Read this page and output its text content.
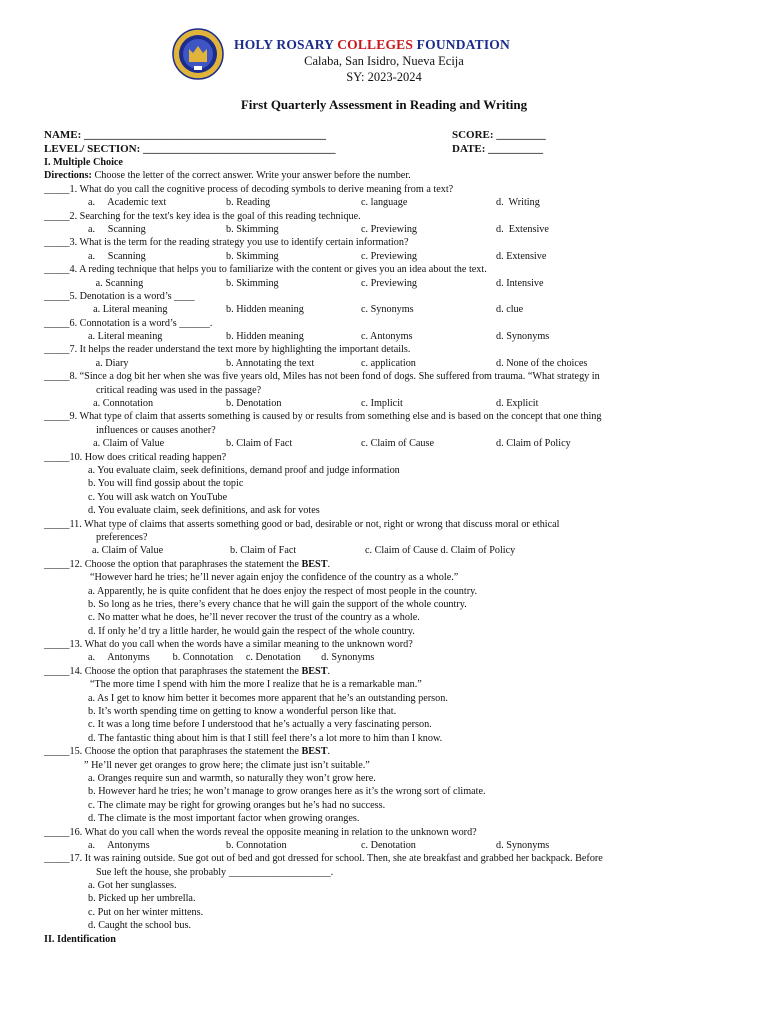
HOLY ROSARY COLLEGES FOUNDATION
Calaba, San Isidro, Nueva Ecija
SY: 2023-2024
First Quarterly Assessment in Reading and Writing
NAME: ____________________________________________	SCORE: _________
LEVEL/ SECTION: ___________________________________	DATE: __________
I. Multiple Choice
Directions: Choose the letter of the correct answer. Write your answer before the number.
_____1. What do you call the cognitive process of decoding symbols to derive meaning from a text?
a.     Academic text	b. Reading	c. language	d.  Writing
_____2. Searching for the text's key idea is the goal of this reading technique.
a.     Scanning	b. Skimming	c. Previewing	d.  Extensive
_____3. What is the term for the reading strategy you use to identify certain information?
a.     Scanning	b. Skimming	c. Previewing	d. Extensive
_____4. A reding technique that helps you to familiarize with the content or gives you an idea about the text.
a. Scanning	b. Skimming	c. Previewing	d. Intensive
_____5. Denotation is a word’s ____
a. Literal meaning	b. Hidden meaning	c. Synonyms	d. clue
_____6. Connotation is a word’s ______.
a. Literal meaning	b. Hidden meaning	c. Antonyms	d. Synonyms
_____7. It helps the reader understand the text more by highlighting the important details.
a. Diary	b. Annotating the text	c. application	d. None of the choices
_____8. “Since a dog bit her when she was five years old, Miles has not been fond of dogs. She suffered from trauma. “What strategy in
critical reading was used in the passage?
a. Connotation	b. Denotation	c. Implicit	d. Explicit
_____9. What type of claim that asserts something is caused by or results from something else and is based on the concept that one thing
influences or causes another?
a. Claim of Value	b. Claim of Fact	c. Claim of Cause	d. Claim of Policy
_____10. How does critical reading happen?
a. You evaluate claim, seek definitions, demand proof and judge information
b. You will find gossip about the topic
c. You will ask watch on YouTube
d. You evaluate claim, seek definitions, and ask for votes
_____11. What type of claims that asserts something good or bad, desirable or not, right or wrong that discuss moral or ethical
preferences?
a. Claim of Value	b. Claim of Fact	c. Claim of Cause d. Claim of Policy
_____12. Choose the option that paraphrases the statement the BEST.
“However hard he tries; he’ll never again enjoy the confidence of the country as a whole.”
a. Apparently, he is quite confident that he does enjoy the respect of most people in the country.
b. So long as he tries, there’s every chance that he will gain the support of the whole country.
c. No matter what he does, he’ll never recover the trust of the country as a whole.
d. If only he’d try a little harder, he would gain the respect of the whole country.
_____13. What do you call when the words have a similar meaning to the unknown word?
a.     Antonyms         b. Connotation     c. Denotation        d. Synonyms
_____14. Choose the option that paraphrases the statement the BEST.
“The more time I spend with him the more I realize that he is a remarkable man.”
a. As I get to know him better it becomes more apparent that he’s an outstanding person.
b. It’s worth spending time on getting to know a wonderful person like that.
c. It was a long time before I understood that he’s actually a very fascinating person.
d. The fantastic thing about him is that I still feel there’s a lot more to him than I know.
_____15. Choose the option that paraphrases the statement the BEST.
” He’ll never get oranges to grow here; the climate just isn’t suitable.”
a. Oranges require sun and warmth, so naturally they won’t grow here.
b. However hard he tries; he won’t manage to grow oranges here as it’s the wrong sort of climate.
c. The climate may be right for growing oranges but he’s had no success.
d. The climate is the most important factor when growing oranges.
_____16. What do you call when the words reveal the opposite meaning in relation to the unknown word?
a.     Antonyms	b. Connotation	c. Denotation	d. Synonyms
_____17. It was raining outside. Sue got out of bed and got dressed for school. Then, she ate breakfast and grabbed her backpack. Before
Sue left the house, she probably ____________________.
a. Got her sunglasses.
b. Picked up her umbrella.
c. Put on her winter mittens.
d. Caught the school bus.
II. Identification
